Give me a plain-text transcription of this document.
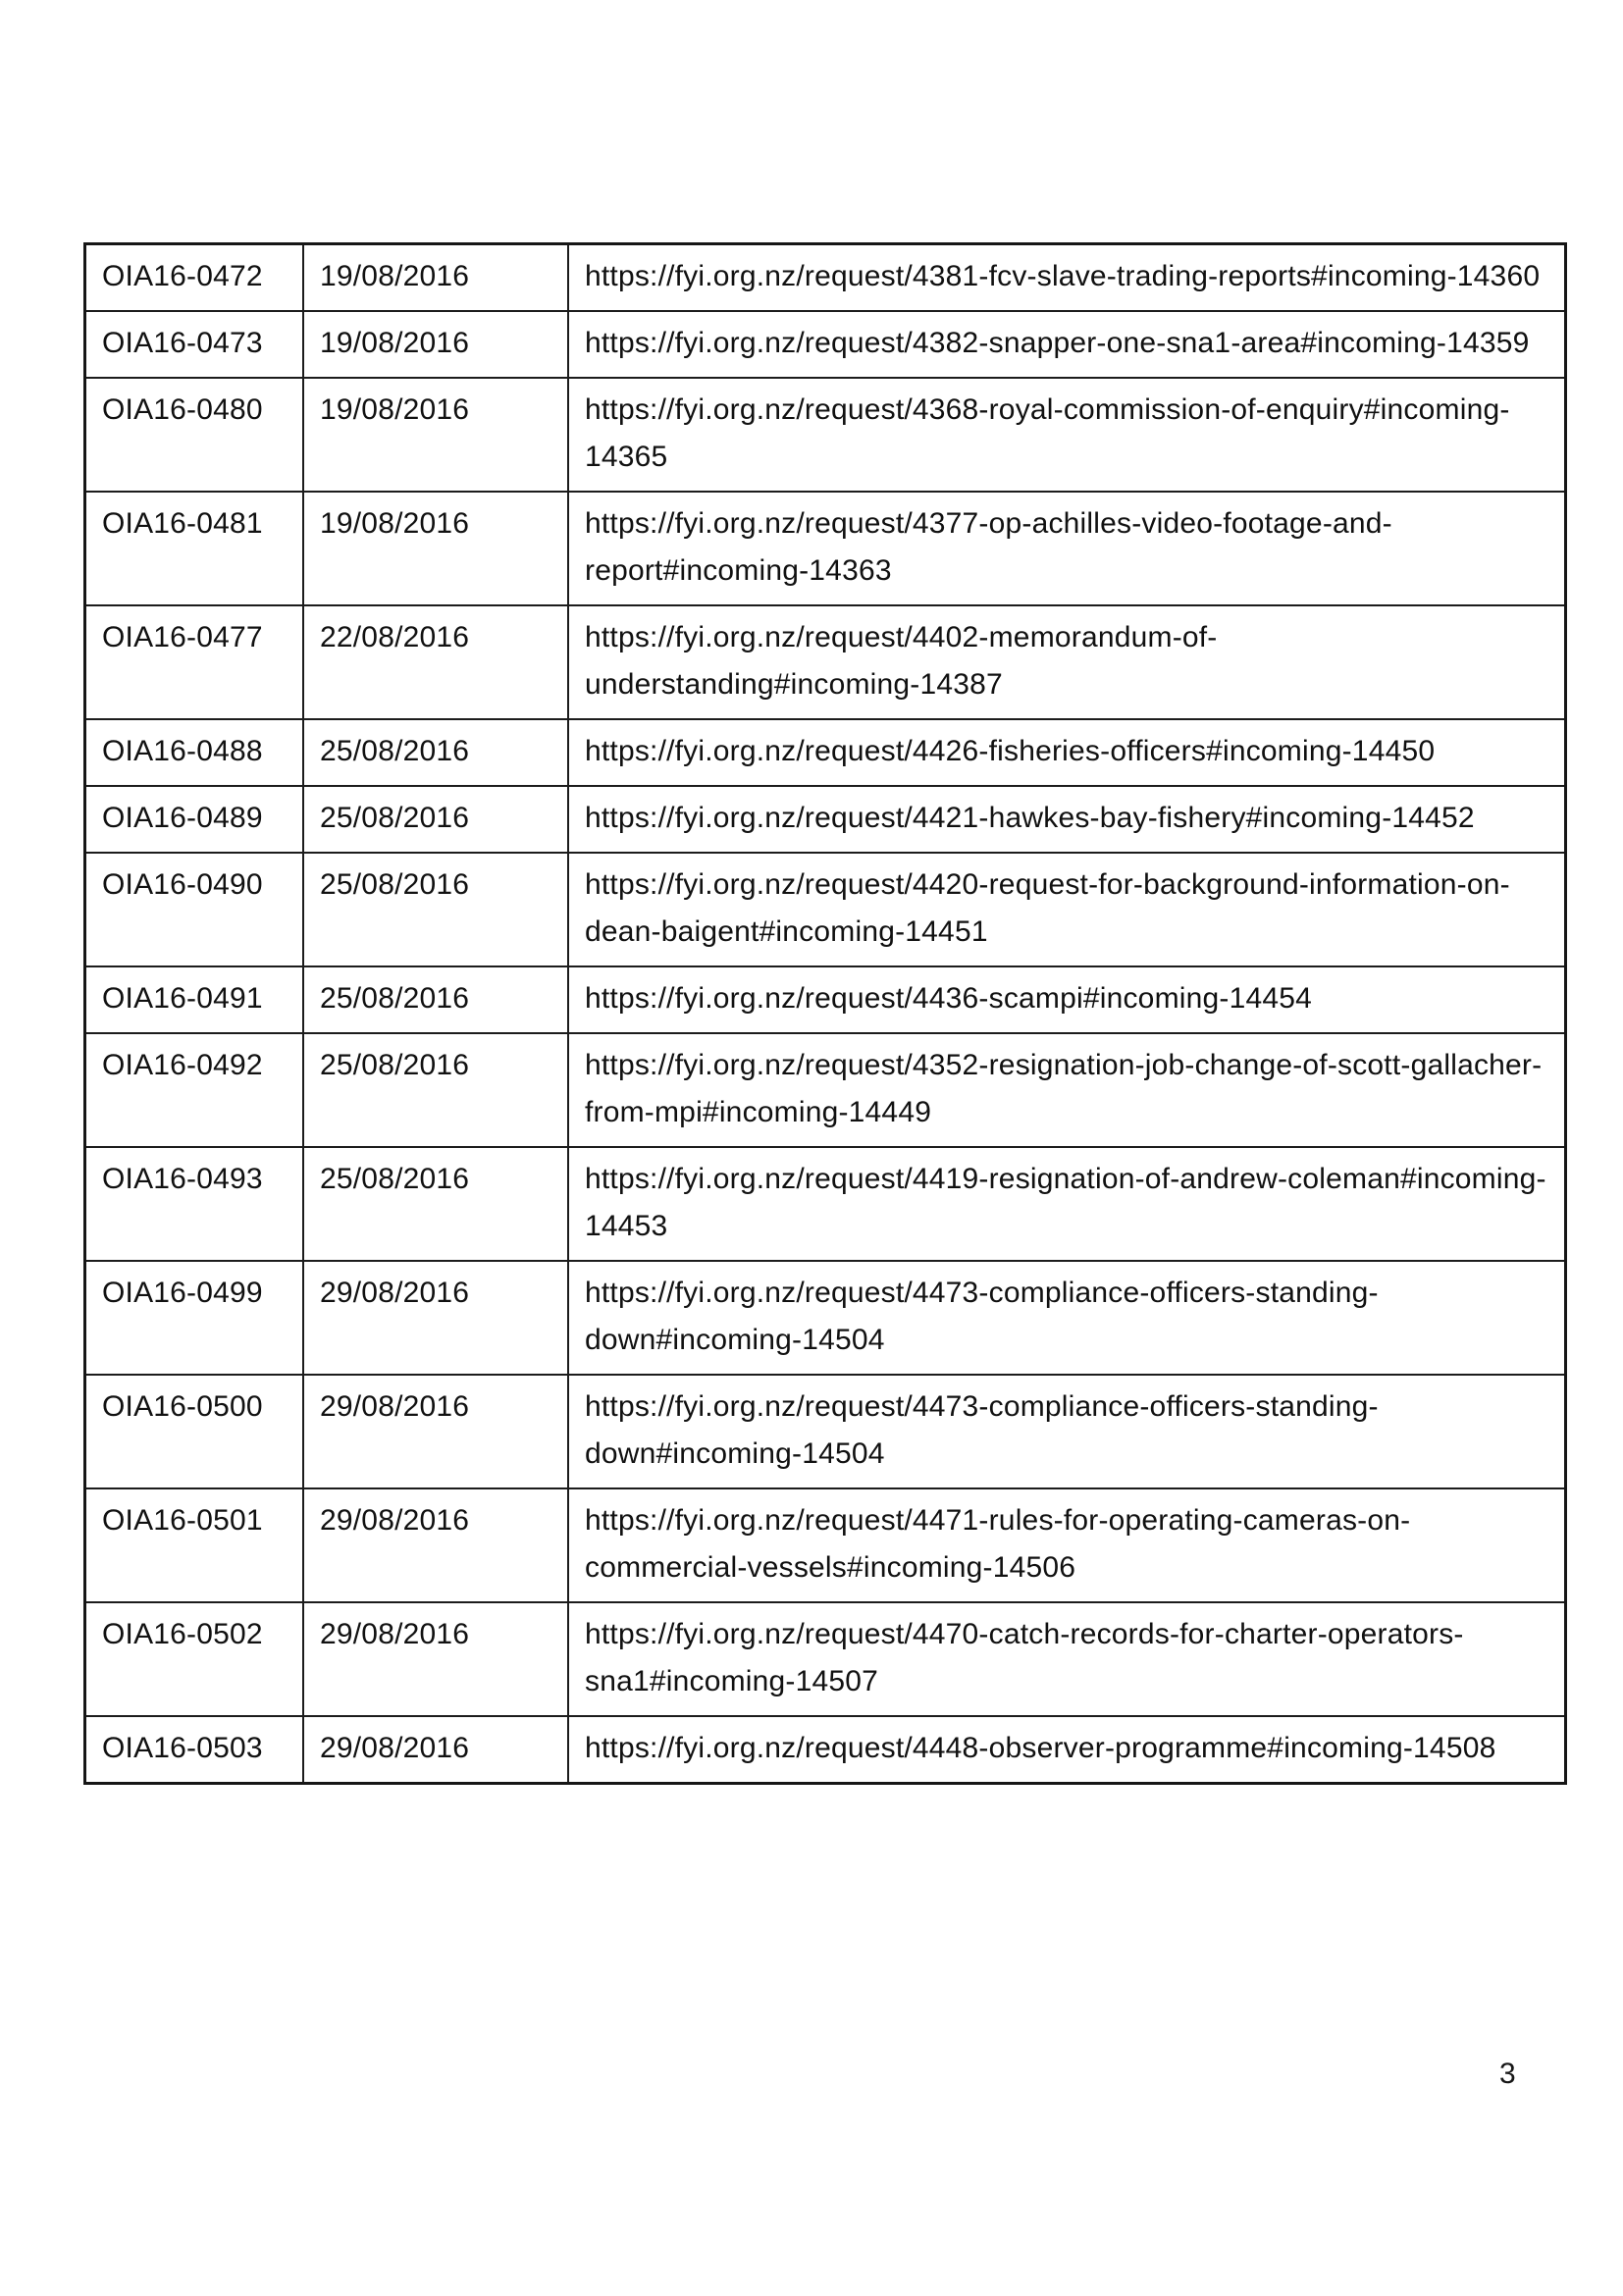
OIA16-0472	19/08/2016	https://fyi.org.nz/request/4381-fcv-slave-trading-reports#incoming-14360
OIA16-0473	19/08/2016	https://fyi.org.nz/request/4382-snapper-one-sna1-area#incoming-14359
OIA16-0480	19/08/2016	https://fyi.org.nz/request/4368-royal-commission-of-enquiry#incoming-14365
OIA16-0481	19/08/2016	https://fyi.org.nz/request/4377-op-achilles-video-footage-and-report#incoming-14363
OIA16-0477	22/08/2016	https://fyi.org.nz/request/4402-memorandum-of-understanding#incoming-14387
OIA16-0488	25/08/2016	https://fyi.org.nz/request/4426-fisheries-officers#incoming-14450
OIA16-0489	25/08/2016	https://fyi.org.nz/request/4421-hawkes-bay-fishery#incoming-14452
OIA16-0490	25/08/2016	https://fyi.org.nz/request/4420-request-for-background-information-on-dean-baigent#incoming-14451
OIA16-0491	25/08/2016	https://fyi.org.nz/request/4436-scampi#incoming-14454
OIA16-0492	25/08/2016	https://fyi.org.nz/request/4352-resignation-job-change-of-scott-gallacher-from-mpi#incoming-14449
OIA16-0493	25/08/2016	https://fyi.org.nz/request/4419-resignation-of-andrew-coleman#incoming-14453
OIA16-0499	29/08/2016	https://fyi.org.nz/request/4473-compliance-officers-standing-down#incoming-14504
OIA16-0500	29/08/2016	https://fyi.org.nz/request/4473-compliance-officers-standing-down#incoming-14504
OIA16-0501	29/08/2016	https://fyi.org.nz/request/4471-rules-for-operating-cameras-on-commercial-vessels#incoming-14506
OIA16-0502	29/08/2016	https://fyi.org.nz/request/4470-catch-records-for-charter-operators-sna1#incoming-14507
OIA16-0503	29/08/2016	https://fyi.org.nz/request/4448-observer-programme#incoming-14508
3
